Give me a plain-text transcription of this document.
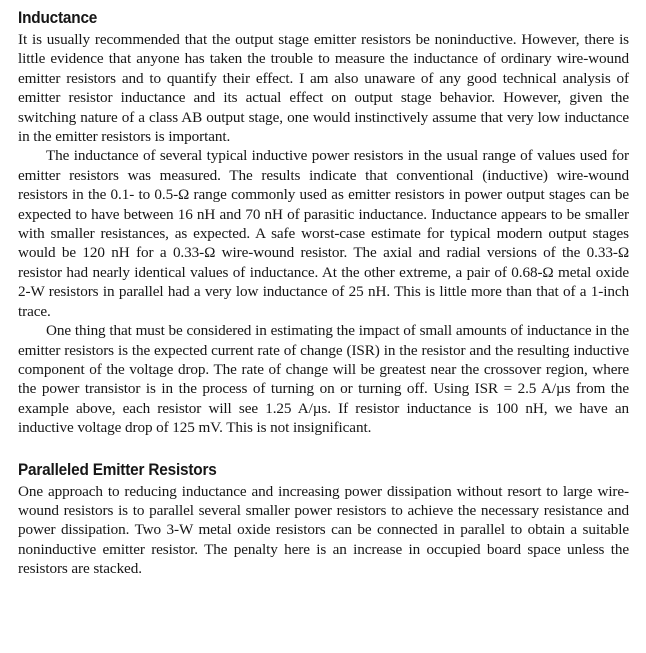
Inductance

It is usually recommended that the output stage emitter resistors be noninductive. However, there is little evidence that anyone has taken the trouble to measure the inductance of ordinary wire-wound emitter resistors and to quantify their effect. I am also unaware of any good technical analysis of emitter resistor inductance and its actual effect on output stage behavior. However, given the switching nature of a class AB output stage, one would instinctively assume that very low inductance in the emitter resistors is important.

The inductance of several typical inductive power resistors in the usual range of values used for emitter resistors was measured. The results indicate that conventional (inductive) wire-wound resistors in the 0.1- to 0.5-Ω range commonly used as emitter resistors in power output stages can be expected to have between 16 nH and 70 nH of parasitic inductance. Inductance appears to be smaller with smaller resistances, as expected. A safe worst-case estimate for typical modern output stages would be 120 nH for a 0.33-Ω wire-wound resistor. The axial and radial versions of the 0.33-Ω resistor had nearly identical values of inductance. At the other extreme, a pair of 0.68-Ω metal oxide 2-W resistors in parallel had a very low inductance of 25 nH. This is little more than that of a 1-inch trace.

One thing that must be considered in estimating the impact of small amounts of inductance in the emitter resistors is the expected current rate of change (ISR) in the resistor and the resulting inductive component of the voltage drop. The rate of change will be greatest near the crossover region, where the power transistor is in the process of turning on or turning off. Using ISR = 2.5 A/µs from the example above, each resistor will see 1.25 A/µs. If resistor inductance is 100 nH, we have an inductive voltage drop of 125 mV. This is not insignificant.

Paralleled Emitter Resistors

One approach to reducing inductance and increasing power dissipation without resort to large wire-wound resistors is to parallel several smaller power resistors to achieve the necessary resistance and power dissipation. Two 3-W metal oxide resistors can be connected in parallel to obtain a suitable noninductive emitter resistor. The penalty here is an increase in occupied board space unless the resistors are stacked.
